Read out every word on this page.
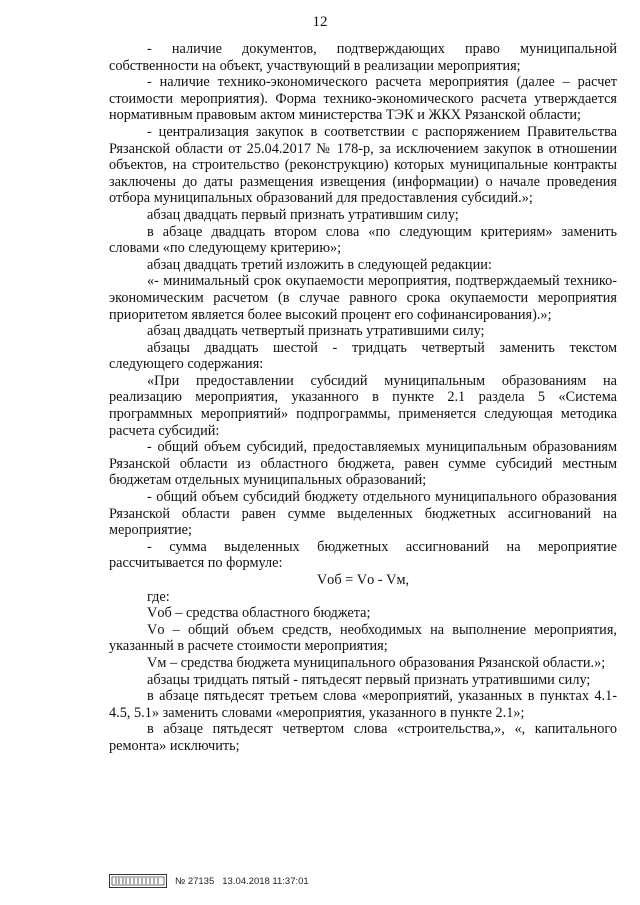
12

- наличие документов, подтверждающих право муниципальной собственности на объект, участвующий в реализации мероприятия;

- наличие технико-экономического расчета мероприятия (далее – расчет стоимости мероприятия). Форма технико-экономического расчета утверждается нормативным правовым актом министерства ТЭК и ЖКХ Рязанской области;

- централизация закупок в соответствии с распоряжением Правительства Рязанской области от 25.04.2017 № 178-р, за исключением закупок в отношении объектов, на строительство (реконструкцию) которых муниципальные контракты заключены до даты размещения извещения (информации) о начале проведения отбора муниципальных образований для предоставления субсидий.»;

абзац двадцать первый признать утратившим силу;

в абзаце двадцать втором слова «по следующим критериям» заменить словами «по следующему критерию»;

абзац двадцать третий изложить в следующей редакции:

«- минимальный срок окупаемости мероприятия, подтверждаемый технико-экономическим расчетом (в случае равного срока окупаемости мероприятия приоритетом является более высокий процент его софинансирования).»;

абзац двадцать четвертый признать утратившими силу;

абзацы двадцать шестой - тридцать четвертый заменить текстом следующего содержания:

«При предоставлении субсидий муниципальным образованиям на реализацию мероприятия, указанного в пункте 2.1 раздела 5 «Система программных мероприятий» подпрограммы, применяется следующая методика расчета субсидий:

- общий объем субсидий, предоставляемых муниципальным образованиям Рязанской области из областного бюджета, равен сумме субсидий местным бюджетам отдельных муниципальных образований;

- общий объем субсидий бюджету отдельного муниципального образования Рязанской области равен сумме выделенных бюджетных ассигнований на мероприятие;

- сумма выделенных бюджетных ассигнований на мероприятие рассчитывается по формуле:

Vоб = Vо - Vм,

где:

Vоб – средства областного бюджета;

Vо – общий объем средств, необходимых на выполнение мероприятия, указанный в расчете стоимости мероприятия;

Vм – средства бюджета муниципального образования Рязанской области.»;

абзацы тридцать пятый - пятьдесят первый признать утратившими силу;

в абзаце пятьдесят третьем слова «мероприятий, указанных в пунктах 4.1-4.5, 5.1» заменить словами «мероприятия, указанного в пункте 2.1»;

в абзаце пятьдесят четвертом слова «строительства,», «, капитального ремонта» исключить;

№ 27135 13.04.2018 11:37:01
